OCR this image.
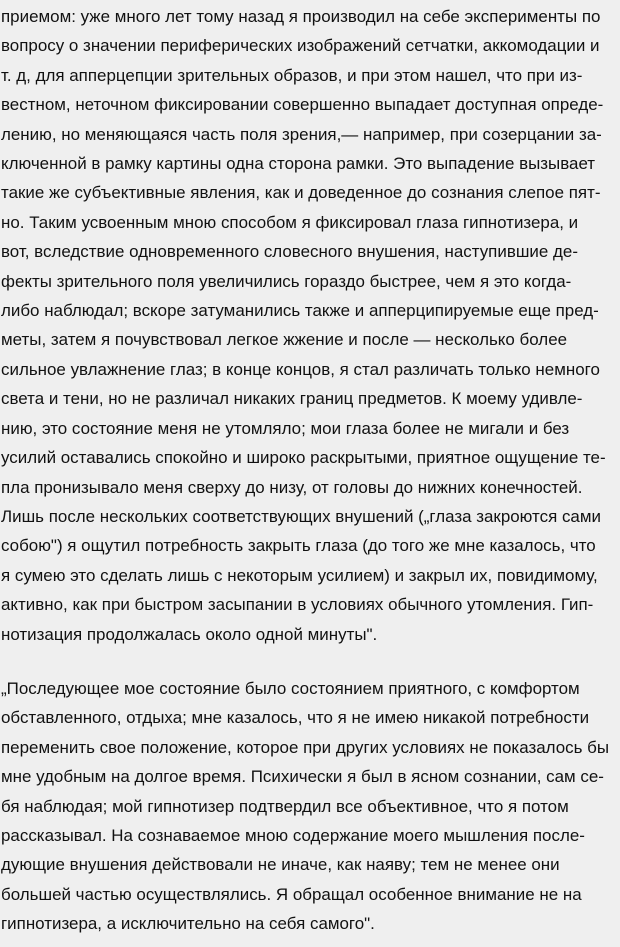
приемом: уже много лет тому назад я производил на себе эксперименты по
вопросу о значении периферических изображений сетчатки, аккомодации и
т. д, для апперцепции зрительных образов, и при этом нашел, что при из-
вестном, неточном фиксировании совершенно выпадает доступная опреде-
лению, но меняющаяся часть поля зрения,— например, при созерцании за-
ключенной в рамку картины одна сторона рамки. Это выпадение вызывает
такие же субъективные явления, как и доведенное до сознания слепое пят-
но. Таким усвоенным мною способом я фиксировал глаза гипнотизера, и
вот, вследствие одновременного словесного внушения, наступившие де-
фекты зрительного поля увеличились гораздо быстрее, чем я это когда-
либо наблюдал; вскоре затуманились также и апперципируемые еще пред-
меты, затем я почувствовал легкое жжение и после — несколько более
сильное увлажнение глаз; в конце концов, я стал различать только немного
света и тени, но не различал никаких границ предметов. К моему удивле-
нию, это состояние меня не утомляло; мои глаза более не мигали и без
усилий оставались спокойно и широко раскрытыми, приятное ощущение те-
пла пронизывало меня сверху до низу, от головы до нижних конечностей.
Лишь после нескольких соответствующих внушений („глаза закроются сами
собою") я ощутил потребность закрыть глаза (до того же мне казалось, что
я сумею это сделать лишь с некоторым усилием) и закрыл их, повидимому,
активно, как при быстром засыпании в условиях обычного утомления. Гип-
нотизация продолжалась около одной минуты".
„Последующее мое состояние было состоянием приятного, с комфортом
обставленного, отдыха; мне казалось, что я не имею никакой потребности
переменить свое положение, которое при других условиях не показалось бы
мне удобным на долгое время. Психически я был в ясном сознании, сам се-
бя наблюдая; мой гипнотизер подтвердил все объективное, что я потом
рассказывал. На сознаваемое мною содержание моего мышления после-
дующие внушения действовали не иначе, как наяву; тем не менее они
большей частью осуществлялись. Я обращал особенное внимание не на
гипнотизера, а исключительно на себя самого".
